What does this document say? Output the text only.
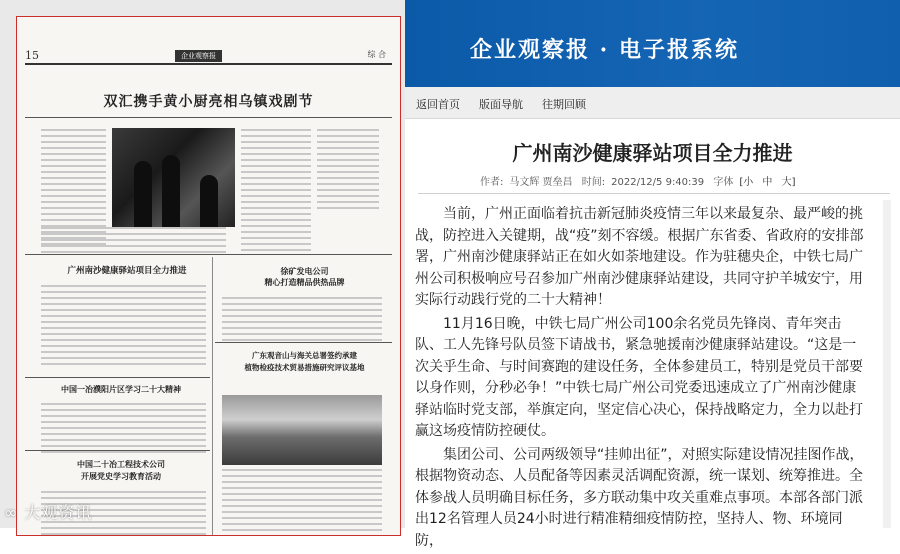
15	企业观察报	综 合
双汇携手黄小厨亮相乌镇戏剧节
广州南沙健康驿站项目全力推进	徐矿发电公司
精心打造精品供热品牌
广东观音山与海关总署签约承建
植物检疫技术贸易措施研究评议基地
中国一冶濮阳片区学习二十大精神
中国二十冶工程技术公司
开展党史学习教育活动
∞ 大观资讯
企业观察报 · 电子报系统
返回首页 版面导航 往期回顾
广州南沙健康驿站项目全力推进
作者: 马文辉 贾垒昌 时间: 2022/12/5 9:40:39 字体 [小 中 大]

当前，广州正面临着抗击新冠肺炎疫情三年以来最复杂、最严峻的挑战，防控进入关键期，战“疫”刻不容缓。根据广东省委、省政府的安排部署，广州南沙健康驿站正在如火如荼地建设。作为驻穗央企，中铁七局广州公司积极响应号召参加广州南沙健康驿站建设，共同守护羊城安宁，用实际行动践行党的二十大精神！

11月16日晚，中铁七局广州公司100余名党员先锋岗、青年突击队、工人先锋号队员签下请战书，紧急驰援南沙健康驿站建设。“这是一次关乎生命、与时间赛跑的建设任务，全体参建员工，特别是党员干部要以身作则，分秒必争！”中铁七局广州公司党委迅速成立了广州南沙健康驿站临时党支部，举旗定向，坚定信心决心，保持战略定力，全力以赴打赢这场疫情防控硬仗。

集团公司、公司两级领导“挂帅出征”，对照实际建设情况挂图作战，根据物资动态、人员配备等因素灵活调配资源，统一谋划、统筹推进。全体参战人员明确目标任务，多方联动集中攻关重难点事项。本部各部门派出12名管理人员24小时进行精准精细疫情防控，坚持人、物、环境同防，
